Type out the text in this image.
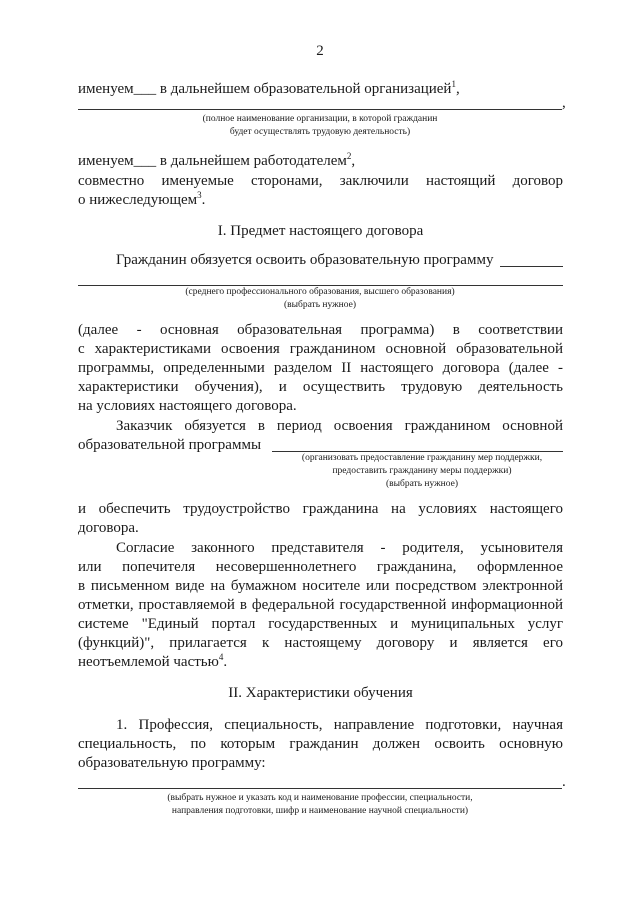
2
именуем___ в дальнейшем образовательной организацией$^1$,
,
(полное наименование организации, в которой гражданин
будет осуществлять трудовую деятельность)
именуем___ в дальнейшем работодателем$^2$,
совместно именуемые сторонами, заключили настоящий договор
о нижеследующем$^3$.
I. Предмет настоящего договора
Гражданин обязуется освоить образовательную программу
(среднего профессионального образования, высшего образования)
(выбрать нужное)
(далее - основная образовательная программа) в соответствии
с характеристиками освоения гражданином основной образовательной
программы, определенными разделом II настоящего договора (далее -
характеристики обучения), и осуществить трудовую деятельность
на условиях настоящего договора.
Заказчик обязуется в период освоения гражданином основной
образовательной программы
(организовать предоставление гражданину мер поддержки,
предоставить гражданину меры поддержки)
(выбрать нужное)
и обеспечить трудоустройство гражданина на условиях настоящего
договора.
Согласие законного представителя - родителя, усыновителя
или попечителя несовершеннолетнего гражданина, оформленное
в письменном виде на бумажном носителе или посредством электронной
отметки, проставляемой в федеральной государственной информационной
системе "Единый портал государственных и муниципальных услуг
(функций)", прилагается к настоящему договору и является его
неотъемлемой частью$^4$.
II. Характеристики обучения
1. Профессия, специальность, направление подготовки, научная
специальность, по которым гражданин должен освоить основную
образовательную программу:
.
(выбрать нужное и указать код и наименование профессии, специальности,
направления подготовки, шифр и наименование научной специальности)
